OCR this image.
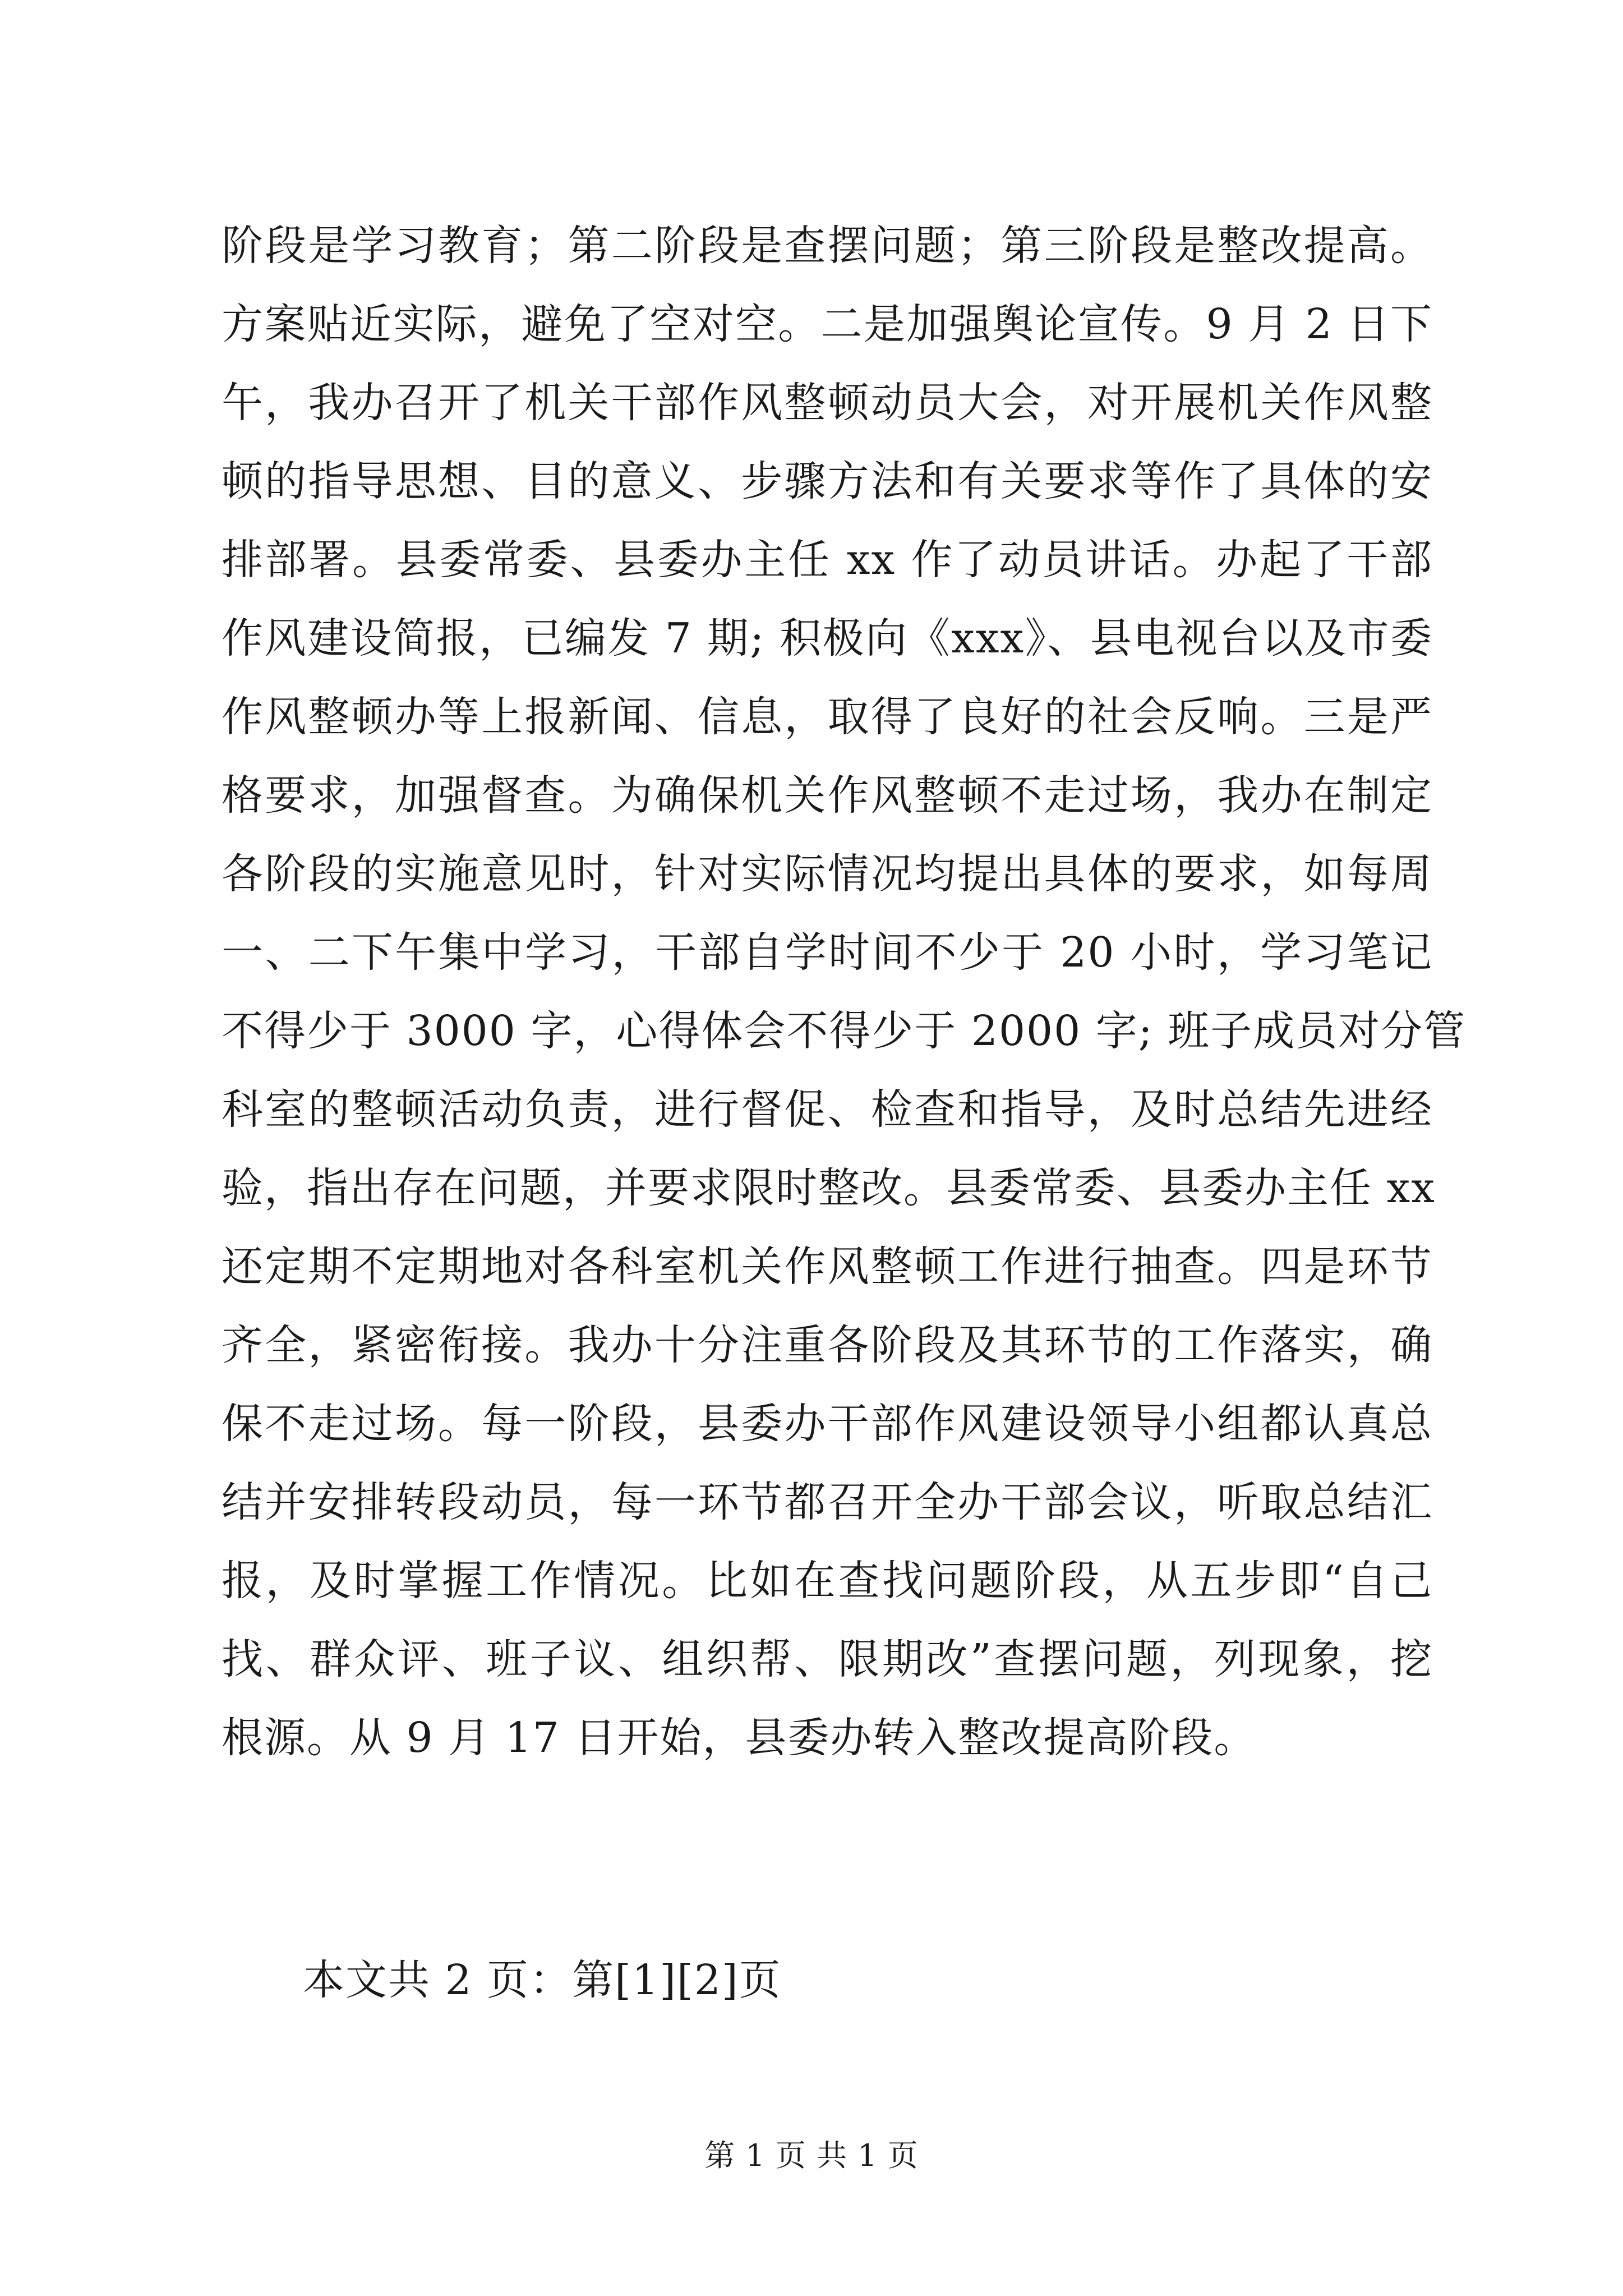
阶段是学习教育；第二阶段是查摆问题；第三阶段是整改提高。
方案贴近实际，避免了空对空。二是加强舆论宣传。9 月 2 日下
午，我办召开了机关干部作风整顿动员大会，对开展机关作风整
顿的指导思想、目的意义、步骤方法和有关要求等作了具体的安
排部署。县委常委、县委办主任 xx 作了动员讲话。办起了干部
作风建设简报，已编发 7 期; 积极向《xxx》、县电视台以及市委
作风整顿办等上报新闻、信息，取得了良好的社会反响。三是严
格要求，加强督查。为确保机关作风整顿不走过场，我办在制定
各阶段的实施意见时，针对实际情况均提出具体的要求，如每周
一、二下午集中学习，干部自学时间不少于 20 小时，学习笔记
不得少于 3000 字，心得体会不得少于 2000 字; 班子成员对分管
科室的整顿活动负责，进行督促、检查和指导，及时总结先进经
验，指出存在问题，并要求限时整改。县委常委、县委办主任 xx
还定期不定期地对各科室机关作风整顿工作进行抽查。四是环节
齐全，紧密衔接。我办十分注重各阶段及其环节的工作落实，确
保不走过场。每一阶段，县委办干部作风建设领导小组都认真总
结并安排转段动员，每一环节都召开全办干部会议，听取总结汇
报，及时掌握工作情况。比如在查找问题阶段，从五步即“自己
找、群众评、班子议、组织帮、限期改”查摆问题，列现象，挖
根源。从 9 月 17 日开始，县委办转入整改提高阶段。
本文共 2 页：第[1][2]页
第 1 页 共 1 页
